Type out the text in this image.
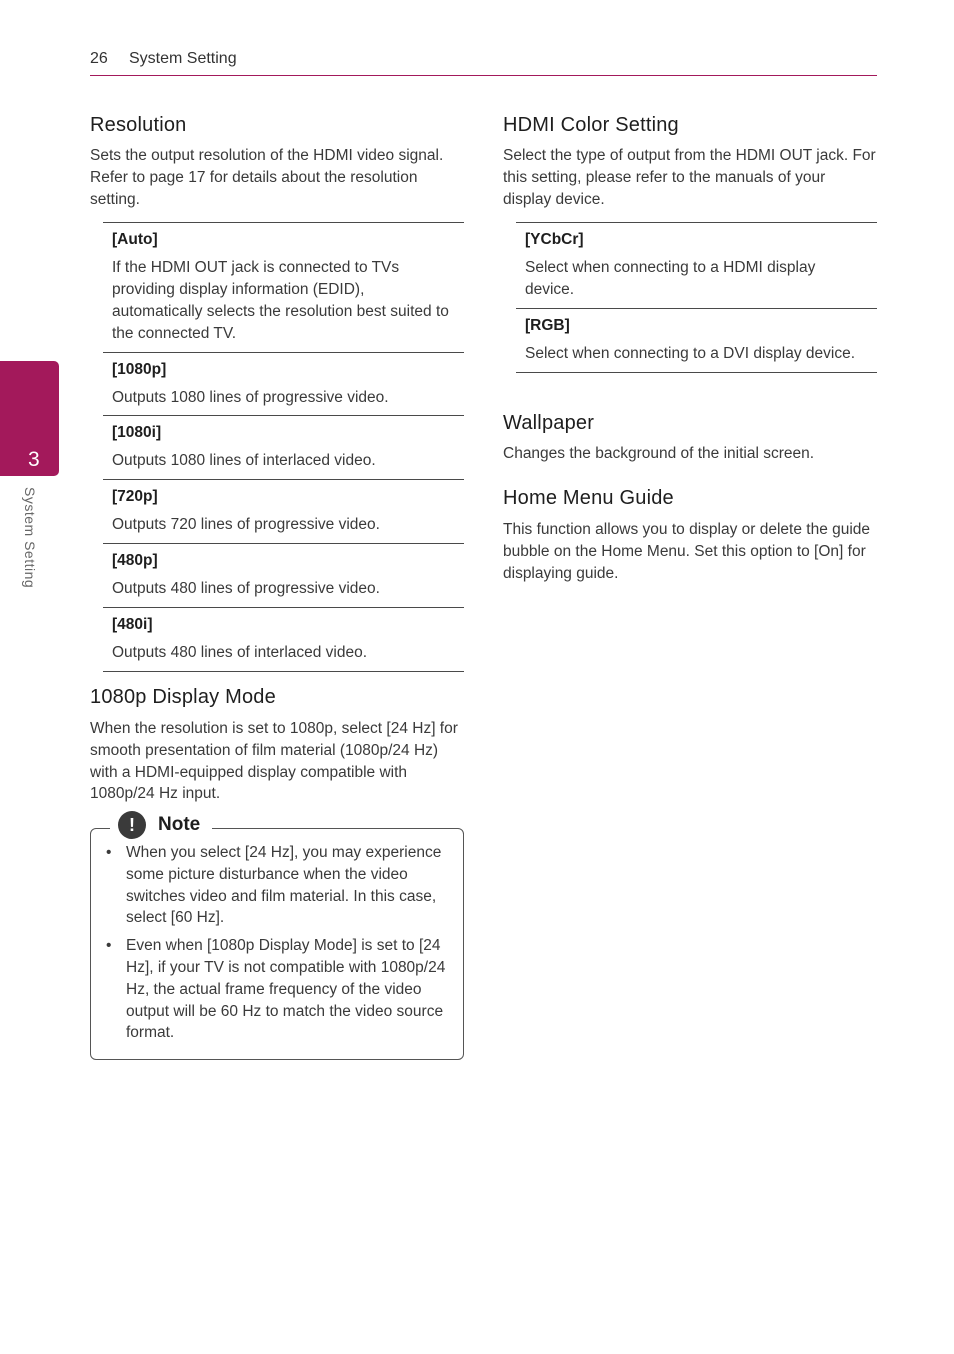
26 System Setting
3
System Setting
Resolution

Sets the output resolution of the HDMI video signal. Refer to page 17 for details about the resolution setting.

[Auto]
If the HDMI OUT jack is connected to TVs providing display information (EDID), automatically selects the resolution best suited to the connected TV.
[1080p]
Outputs 1080 lines of progressive video.
[1080i]
Outputs 1080 lines of interlaced video.
[720p]
Outputs 720 lines of progressive video.
[480p]
Outputs 480 lines of progressive video.
[480i]
Outputs 480 lines of interlaced video.
1080p Display Mode

When the resolution is set to 1080p, select [24 Hz] for smooth presentation of film material (1080p/24 Hz) with a HDMI-equipped display compatible with 1080p/24 Hz input.

!	Note
• When you select [24 Hz], you may experience some picture disturbance when the video switches video and film material. In this case, select [60 Hz].
• Even when [1080p Display Mode] is set to [24 Hz], if your TV is not compatible with 1080p/24 Hz, the actual frame frequency of the video output will be 60 Hz to match the video source format.
HDMI Color Setting

Select the type of output from the HDMI OUT jack. For this setting, please refer to the manuals of your display device.

[YCbCr]
Select when connecting to a HDMI display device.
[RGB]
Select when connecting to a DVI display device.
Wallpaper

Changes the background of the initial screen.

Home Menu Guide

This function allows you to display or delete the guide bubble on the Home Menu. Set this option to [On] for displaying guide.
